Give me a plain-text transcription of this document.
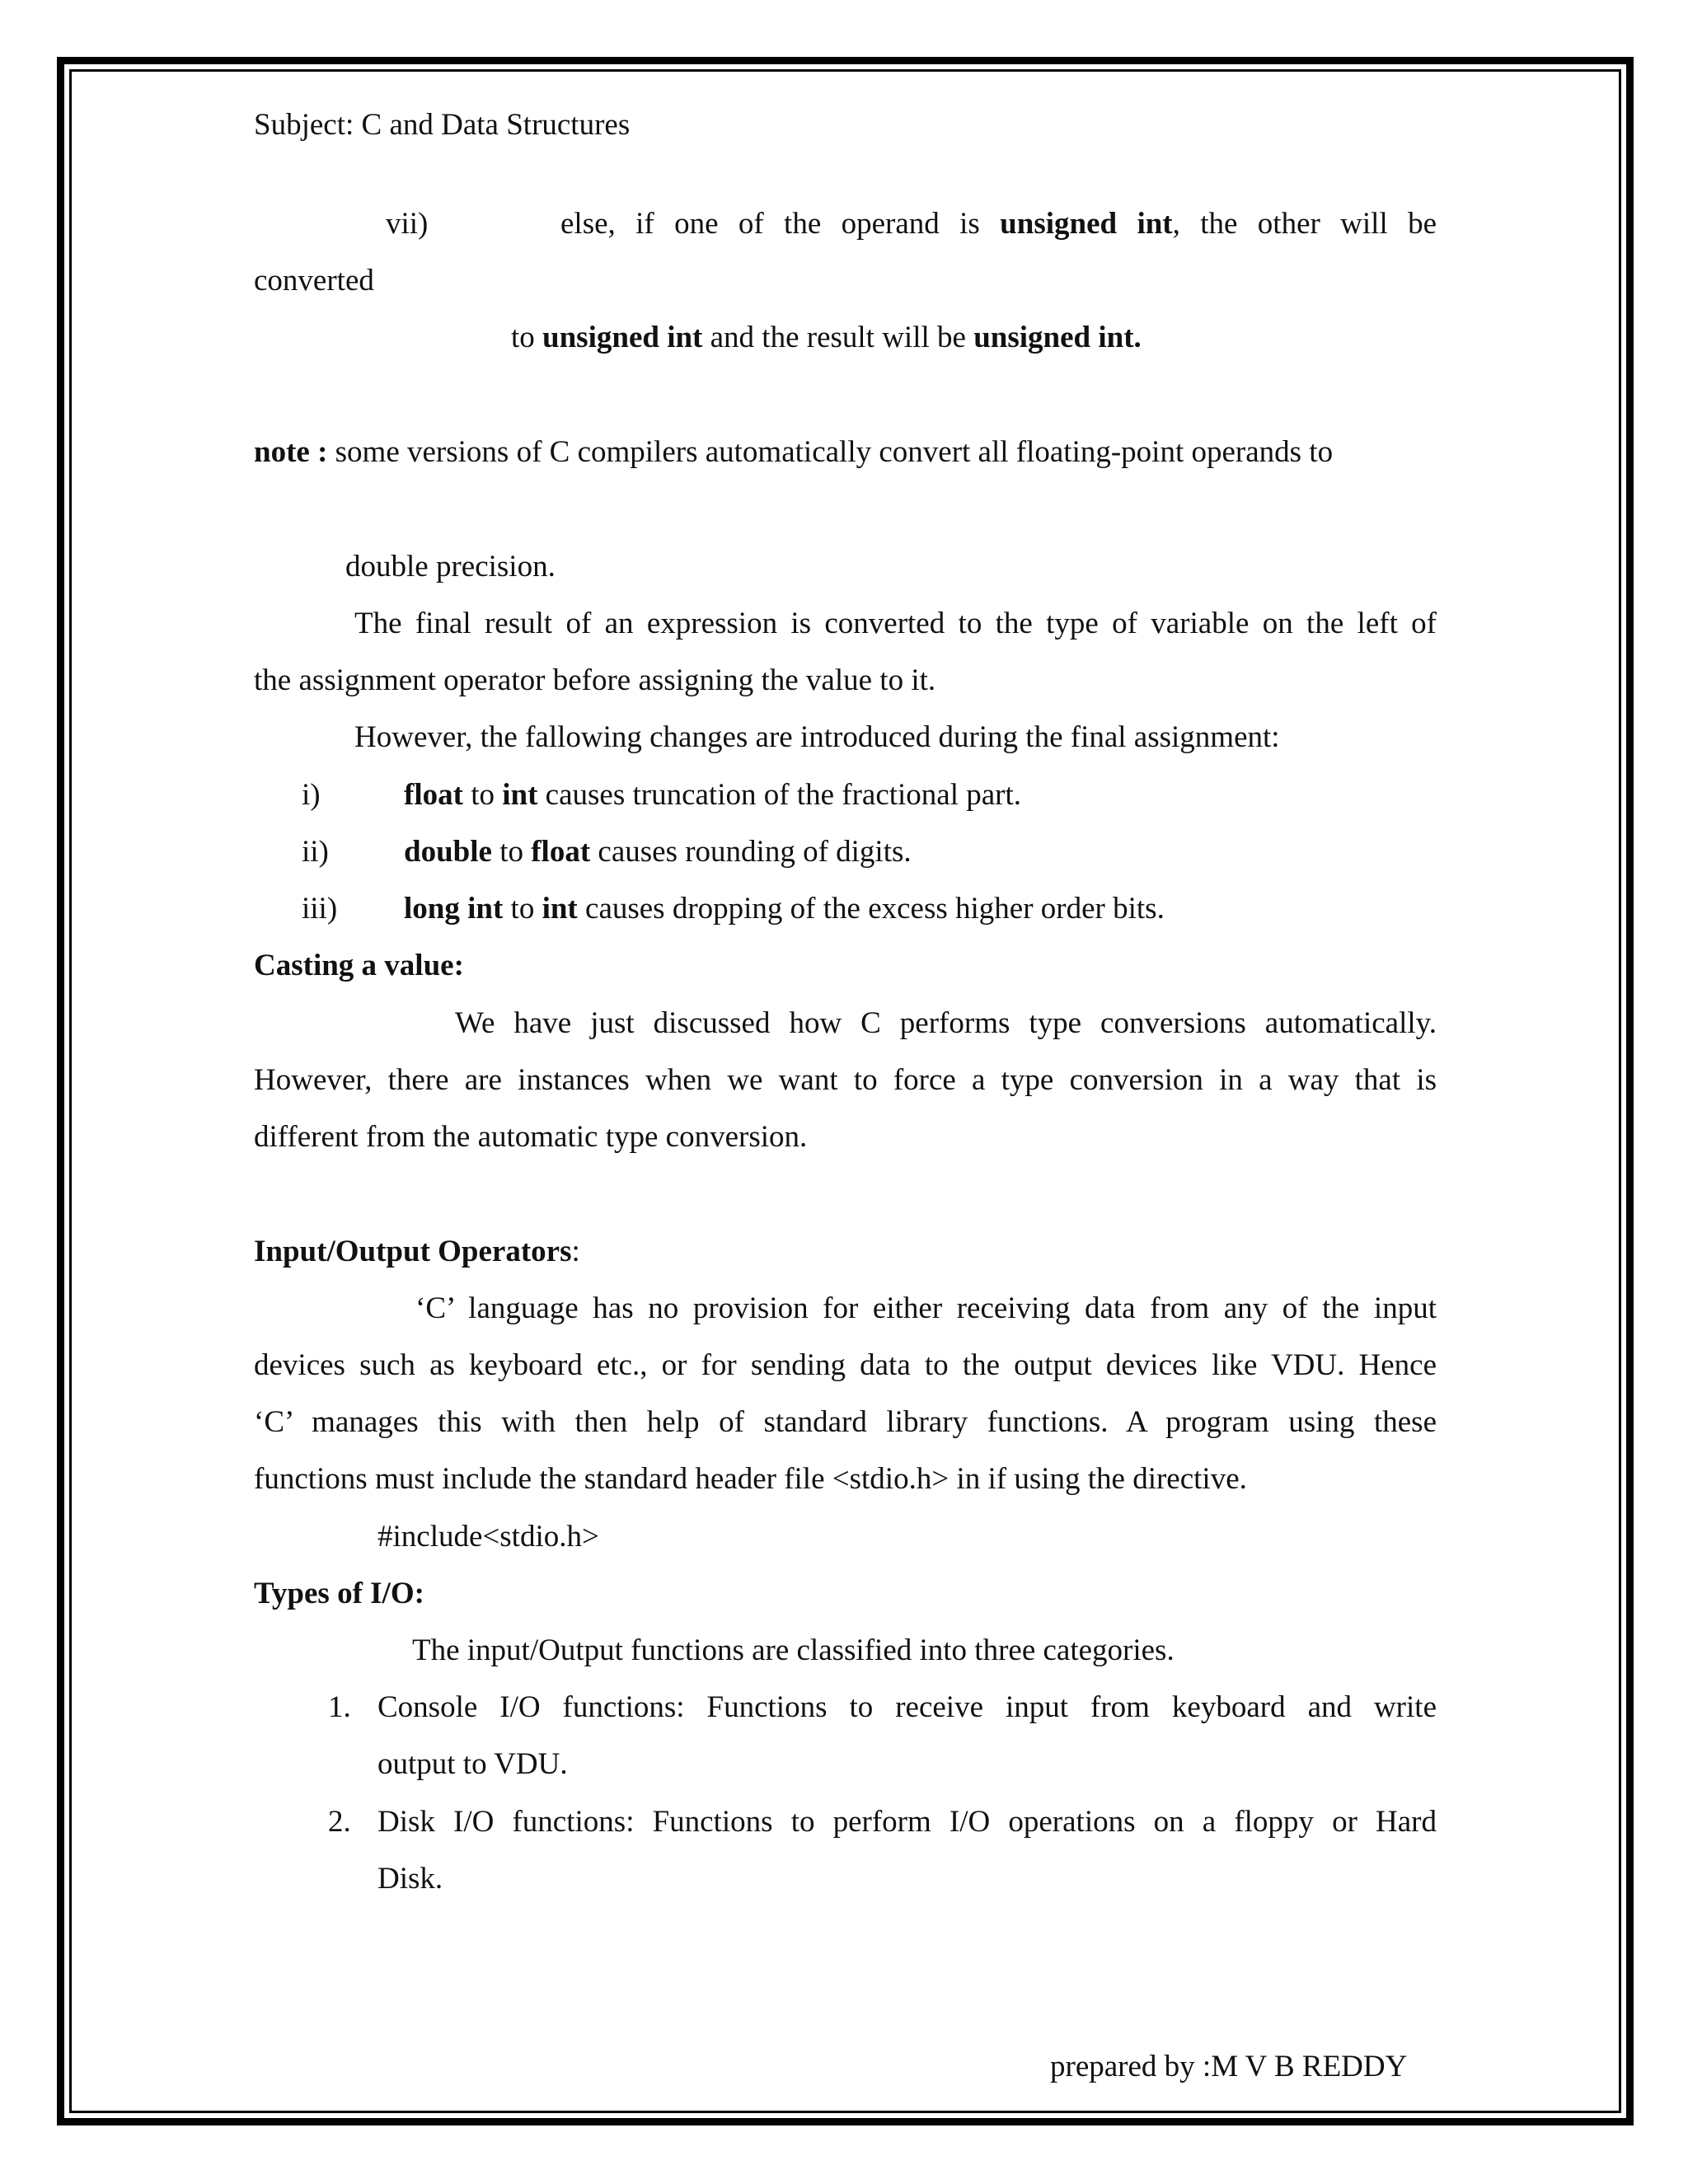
Subject: C and Data Structures
vii)	else, if one of the operand is unsigned int, the other will be
converted
to unsigned int and the result will be unsigned int.
note : some versions of C compilers automatically convert all floating-point operands to
double precision.
The final result of an expression is converted to the type of variable on the left of
the assignment operator before assigning the value to it.
However, the fallowing changes are introduced during the final assignment:
i)	float to int causes truncation of the fractional part.
ii) double to float causes rounding of digits.
iii) long int to int causes dropping of the excess higher order bits.
Casting a value:
We have just discussed how C performs type conversions automatically.
However, there are instances when we want to force a type conversion in a way that is
different from the automatic type conversion.
Input/Output Operators:
‘C’ language has no provision for either receiving data from any of the input
devices such as keyboard etc., or for sending data to the output devices like VDU. Hence
‘C’ manages this with then help of standard library functions. A program using these
functions must include the standard header file <stdio.h> in if using the directive.
#include<stdio.h>
Types of I/O:
The input/Output functions are classified into three categories.
1. Console I/O functions: Functions to receive input from keyboard and write
output to VDU.
2. Disk I/O functions: Functions to perform I/O operations on a floppy or Hard
Disk.
prepared by :M V B REDDY
